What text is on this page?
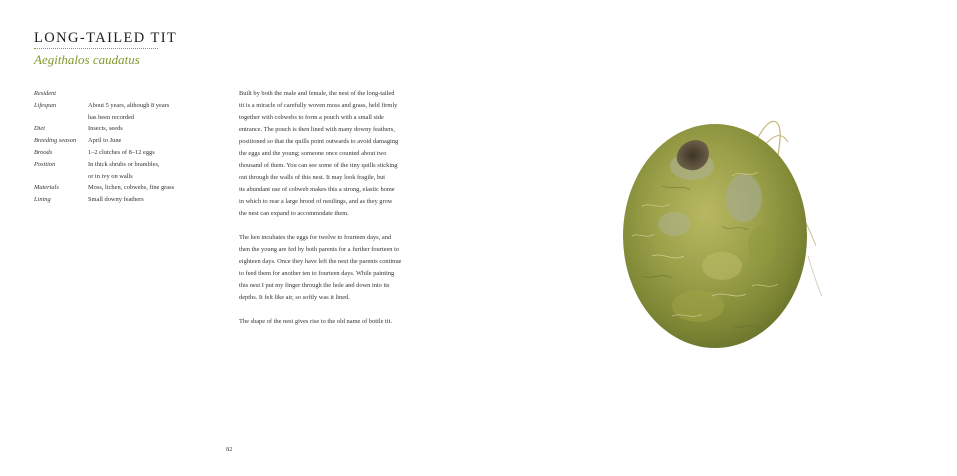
LONG-TAILED TIT
Aegithalos caudatus
Resident

Lifespan	About 5 years, although 8 years
has been recorded
Diet	Insects, seeds
Breeding season	April to June
Broods	1–2 clutches of 8–12 eggs
Position	In thick shrubs or brambles,
or in ivy on walls
Materials	Moss, lichen, cobwebs, fine grass
Lining	Small downy feathers
Built by both the male and female, the nest of the long-tailed
tit is a miracle of carefully woven moss and grass, held firmly
together with cobwebs to form a pouch with a small side
entrance. The pouch is then lined with many downy feathers,
positioned so that the quills point outwards to avoid damaging
the eggs and the young; someone once counted about two
thousand of them. You can see some of the tiny quills sticking
out through the walls of this nest. It may look fragile, but
its abundant use of cobweb makes this a strong, elastic home
in which to rear a large brood of nestlings, and as they grow
the nest can expand to accommodate them.
The hen incubates the eggs for twelve to fourteen days, and
then the young are fed by both parents for a further fourteen to
eighteen days. Once they have left the nest the parents continue
to feed them for another ten to fourteen days. While painting
this nest I put my finger through the hole and down into its
depths. It felt like air, so softly was it lined.
The shape of the nest gives rise to the old name of bottle tit.
82
